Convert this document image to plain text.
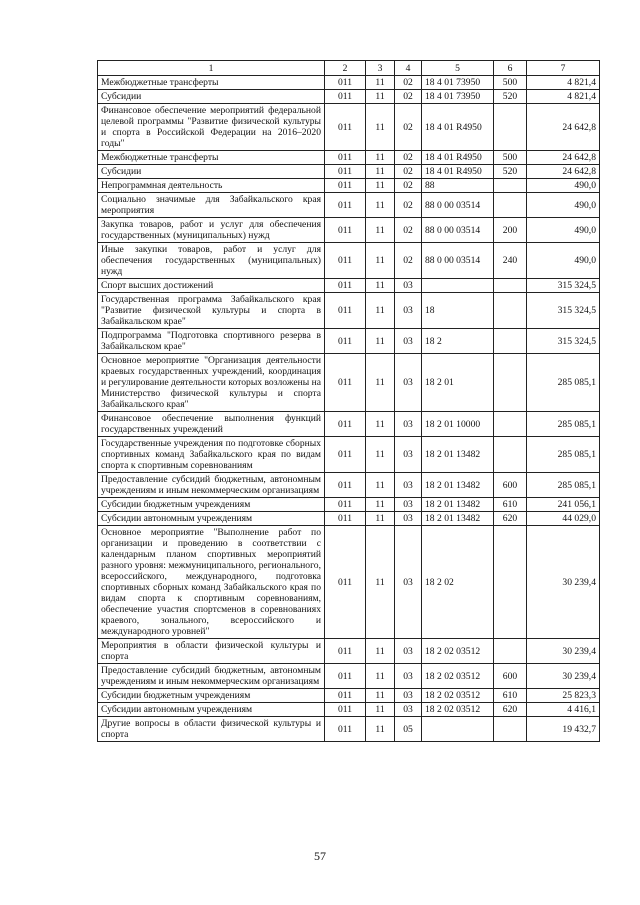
1	2	3	4	5	6	7
Межбюджетные трансферты	011	11	02	18 4 01 73950	500	4 821,4
Субсидии	011	11	02	18 4 01 73950	520	4 821,4
Финансовое обеспечение мероприятий федеральной целевой программы "Развитие физической культуры и спорта в Российской Федерации на 2016–2020 годы"	011	11	02	18 4 01 R4950		24 642,8
Межбюджетные трансферты	011	11	02	18 4 01 R4950	500	24 642,8
Субсидии	011	11	02	18 4 01 R4950	520	24 642,8
Непрограммная деятельность	011	11	02	88		490,0
Социально значимые для Забайкальского края мероприятия	011	11	02	88 0 00 03514		490,0
Закупка товаров, работ и услуг для обеспечения государственных (муниципальных) нужд	011	11	02	88 0 00 03514	200	490,0
Иные закупки товаров, работ и услуг для обеспечения государственных (муниципальных) нужд	011	11	02	88 0 00 03514	240	490,0
Спорт высших достижений	011	11	03			315 324,5
Государственная программа Забайкальского края "Развитие физической культуры и спорта в Забайкальском крае"	011	11	03	18		315 324,5
Подпрограмма "Подготовка спортивного резерва в Забайкальском крае"	011	11	03	18 2		315 324,5
Основное мероприятие "Организация деятельности краевых государственных учреждений, координация и регулирование деятельности которых возложены на Министерство физической культуры и спорта Забайкальского края"	011	11	03	18 2 01		285 085,1
Финансовое обеспечение выполнения функций государственных учреждений	011	11	03	18 2 01 10000		285 085,1
Государственные учреждения по подготовке сборных спортивных команд Забайкальского края по видам спорта к спортивным соревнованиям	011	11	03	18 2 01 13482		285 085,1
Предоставление субсидий бюджетным, автономным учреждениям и иным некоммерческим организациям	011	11	03	18 2 01 13482	600	285 085,1
Субсидии бюджетным учреждениям	011	11	03	18 2 01 13482	610	241 056,1
Субсидии автономным учреждениям	011	11	03	18 2 01 13482	620	44 029,0
Основное мероприятие "Выполнение работ по организации и проведению в соответствии с календарным планом спортивных мероприятий разного уровня: межмуниципального, регионального, всероссийского, международного, подготовка спортивных сборных команд Забайкальского края по видам спорта к спортивным соревнованиям, обеспечение участия спортсменов в соревнованиях краевого, зонального, всероссийского и международного уровней"	011	11	03	18 2 02		30 239,4
Мероприятия в области физической культуры и спорта	011	11	03	18 2 02 03512		30 239,4
Предоставление субсидий бюджетным, автономным учреждениям и иным некоммерческим организациям	011	11	03	18 2 02 03512	600	30 239,4
Субсидии бюджетным учреждениям	011	11	03	18 2 02 03512	610	25 823,3
Субсидии автономным учреждениям	011	11	03	18 2 02 03512	620	4 416,1
Другие вопросы в области физической культуры и спорта	011	11	05			19 432,7
57
